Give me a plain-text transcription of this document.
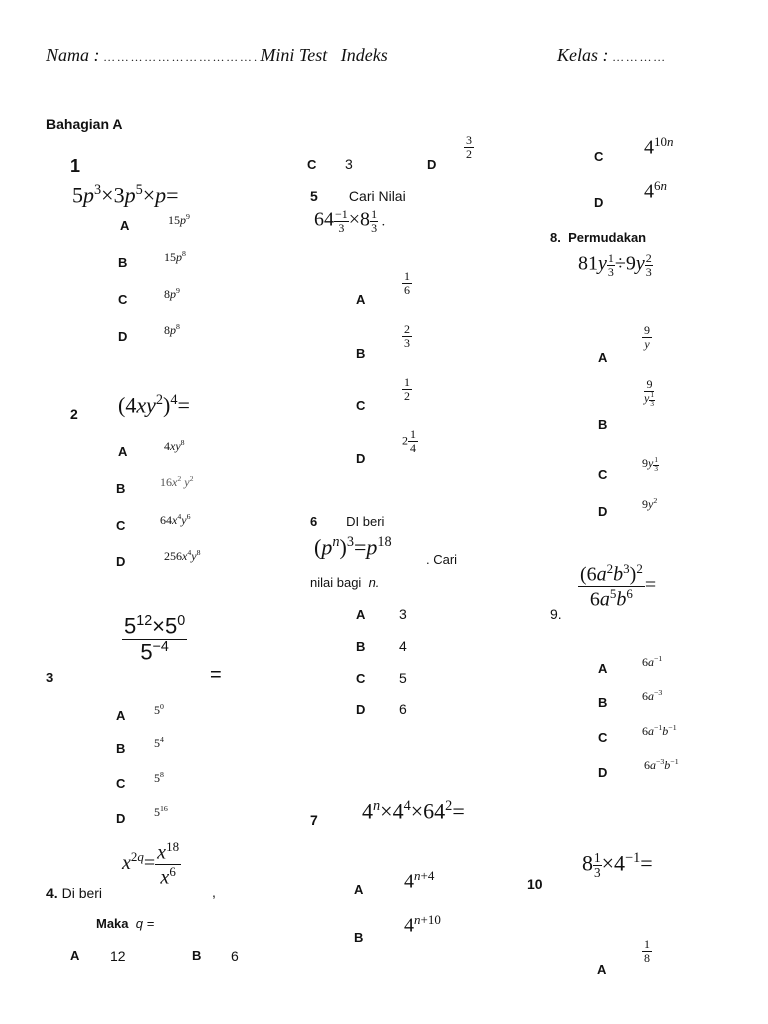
Nama : … … … … … … … … … … … . Mini Test Indeks	Kelas : … … … …
Bahagian A
1
$5p^3\times 3p^5\times p=$
A	$15p^9$
B	$15p^8$
C	$8p^9$
D	$8p^8$
2 $(4xy^2)^4=$
A	$4xy^8$
B	$16x^2$ $y^2$
C	$64x^4y^6$
D	$256x^4y^8$
$\frac{5^{12}\times 5^0}{5^{-4}}$
=
3
A $5^0$
B $5^4$
C $5^8$
D $5^{16}$
$x^{2q}= \frac{x^{18}}{x^6}$
,
4. Di beri
Maka q =
A 12	B 6
C 3	D
$\frac{3}{2}$
5 Cari Nilai
$64 \frac{-1}{3} \times 8 \frac{1}{3}$ .
A
$\frac{1}{6}$
B
$\frac{2}{3}$
C
$\frac{1}{2}$
D
$2 \frac{1}{4}$
6 DI beri
$(p^n)^3=p^{18}$
. Cari
nilai bagi n.
A 3
B 4
C 5
D 6
7 $4^n\times 4^4\times 64^2=$
A $4^{n+4}$
B
$4^{n+10}$
C $4^{10n}$
D $4^{6n}$
8. Permudakan
$81y \frac{1}{3} \div 9y \frac{2}{3}$
A
$\frac{9}{y}$
B
$\frac{9}{y \frac{1}{3}}$
C
$9y \frac{1}{3}$
D	$9y^2$
9.
$\frac{(6a^2b^3)^2}{6a^5b^6}$ =
A	$6a^{-1}$
B	$6a^{-3}$
C	$6a^{-1}b^{-1}$
D	$6a^{-3}b^{-1}$
10
$8 \frac{1}{3} \times 4^{-1}=$
A
$\frac{1}{8}$
